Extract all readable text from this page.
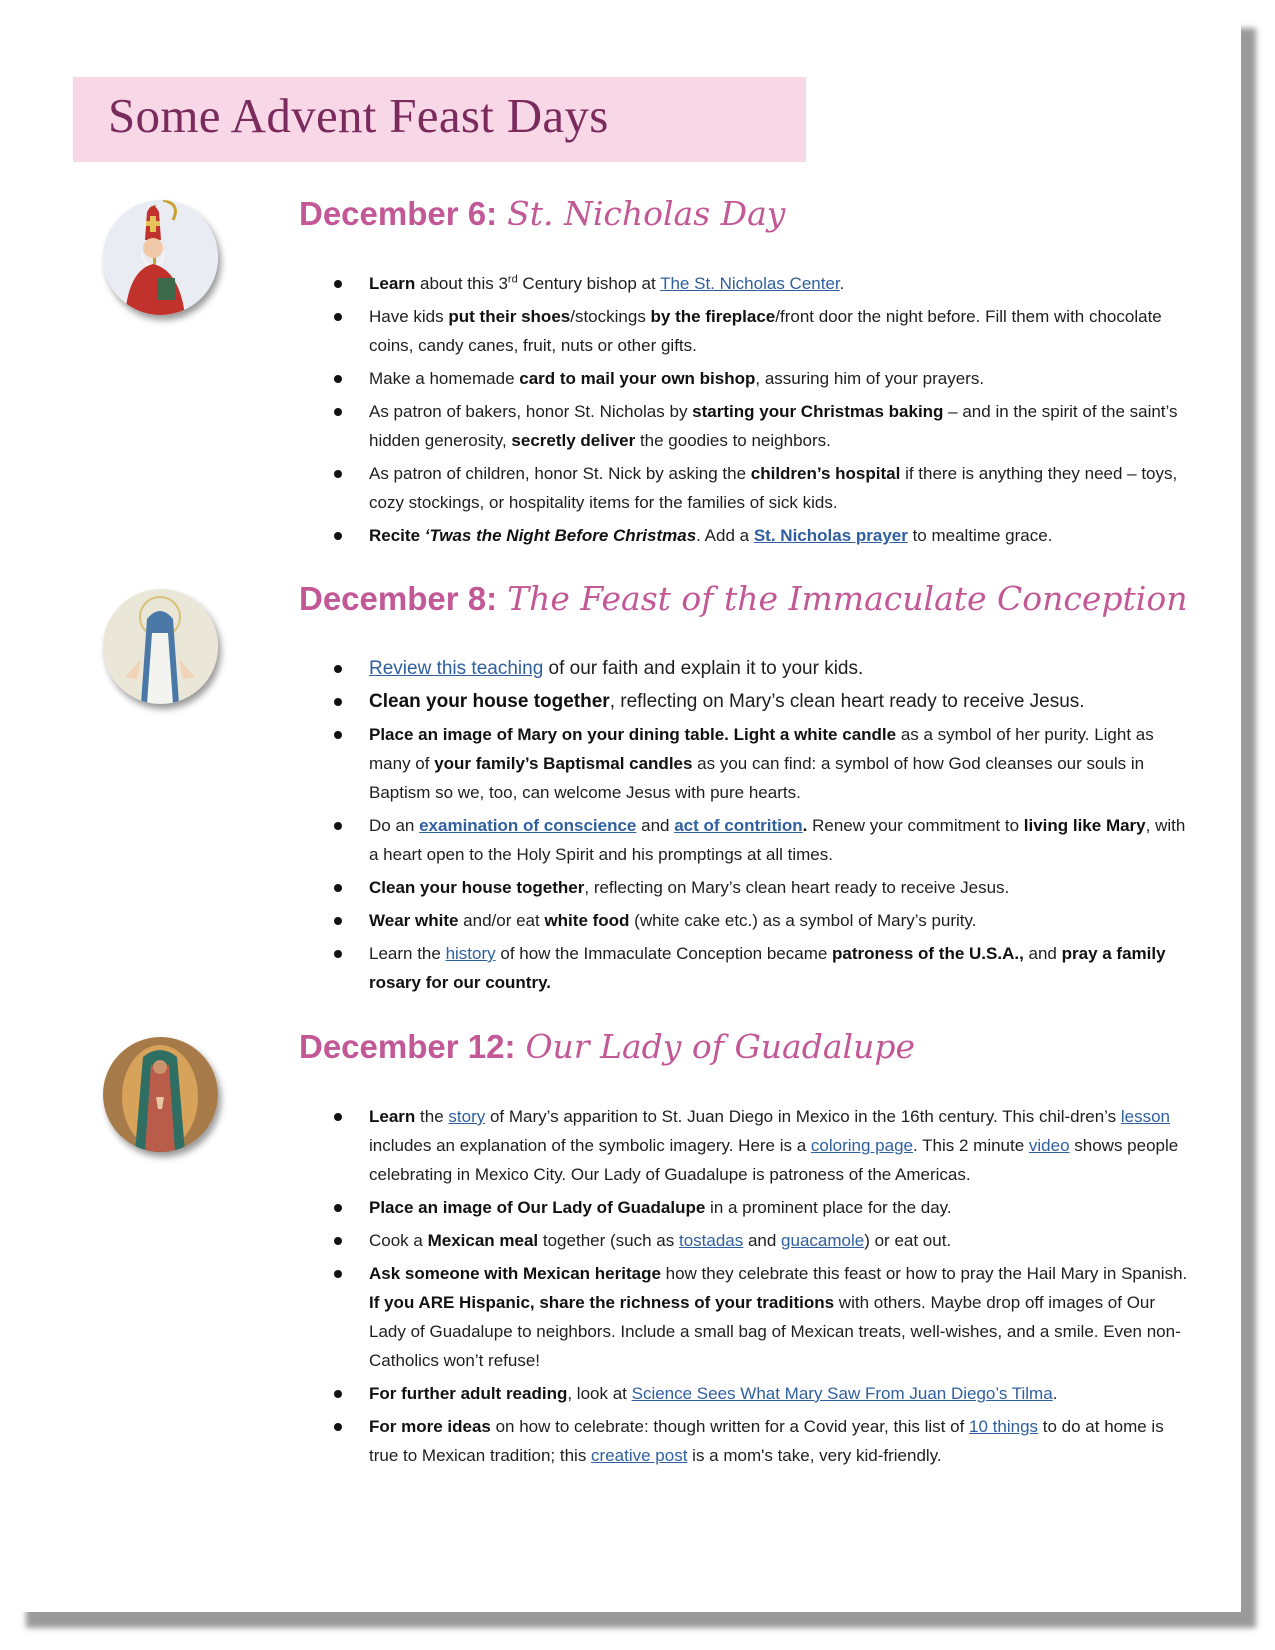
Some Advent Feast Days
December 6: St. Nicholas Day
Learn about this 3rd Century bishop at The St. Nicholas Center.
Have kids put their shoes/stockings by the fireplace/front door the night before. Fill them with chocolate coins, candy canes, fruit, nuts or other gifts.
Make a homemade card to mail your own bishop, assuring him of your prayers.
As patron of bakers, honor St. Nicholas by starting your Christmas baking – and in the spirit of the saint’s hidden generosity, secretly deliver the goodies to neighbors.
As patron of children, honor St. Nick by asking the children’s hospital if there is anything they need – toys, cozy stockings, or hospitality items for the families of sick kids.
Recite ‘Twas the Night Before Christmas. Add a St. Nicholas prayer to mealtime grace.
December 8: The Feast of the Immaculate Conception
Review this teaching of our faith and explain it to your kids.
Clean your house together, reflecting on Mary’s clean heart ready to receive Jesus.
Place an image of Mary on your dining table. Light a white candle as a symbol of her purity. Light as many of your family’s Baptismal candles as you can find: a symbol of how God cleanses our souls in Baptism so we, too, can welcome Jesus with pure hearts.
Do an examination of conscience and act of contrition. Renew your commitment to living like Mary, with a heart open to the Holy Spirit and his promptings at all times.
Clean your house together, reflecting on Mary’s clean heart ready to receive Jesus.
Wear white and/or eat white food (white cake etc.) as a symbol of Mary’s purity.
Learn the history of how the Immaculate Conception became patroness of the U.S.A., and pray a family rosary for our country.
December 12: Our Lady of Guadalupe
Learn the story of Mary’s apparition to St. Juan Diego in Mexico in the 16th century. This chil-dren’s lesson includes an explanation of the symbolic imagery. Here is a coloring page. This 2 minute video shows people celebrating in Mexico City. Our Lady of Guadalupe is patroness of the Americas.
Place an image of Our Lady of Guadalupe in a prominent place for the day.
Cook a Mexican meal together (such as tostadas and guacamole) or eat out.
Ask someone with Mexican heritage how they celebrate this feast or how to pray the Hail Mary in Spanish. If you ARE Hispanic, share the richness of your traditions with others. Maybe drop off images of Our Lady of Guadalupe to neighbors. Include a small bag of Mexican treats, well-wishes, and a smile. Even non-Catholics won’t refuse!
For further adult reading, look at Science Sees What Mary Saw From Juan Diego’s Tilma.
For more ideas on how to celebrate: though written for a Covid year, this list of 10 things to do at home is true to Mexican tradition; this creative post is a mom's take, very kid-friendly.
